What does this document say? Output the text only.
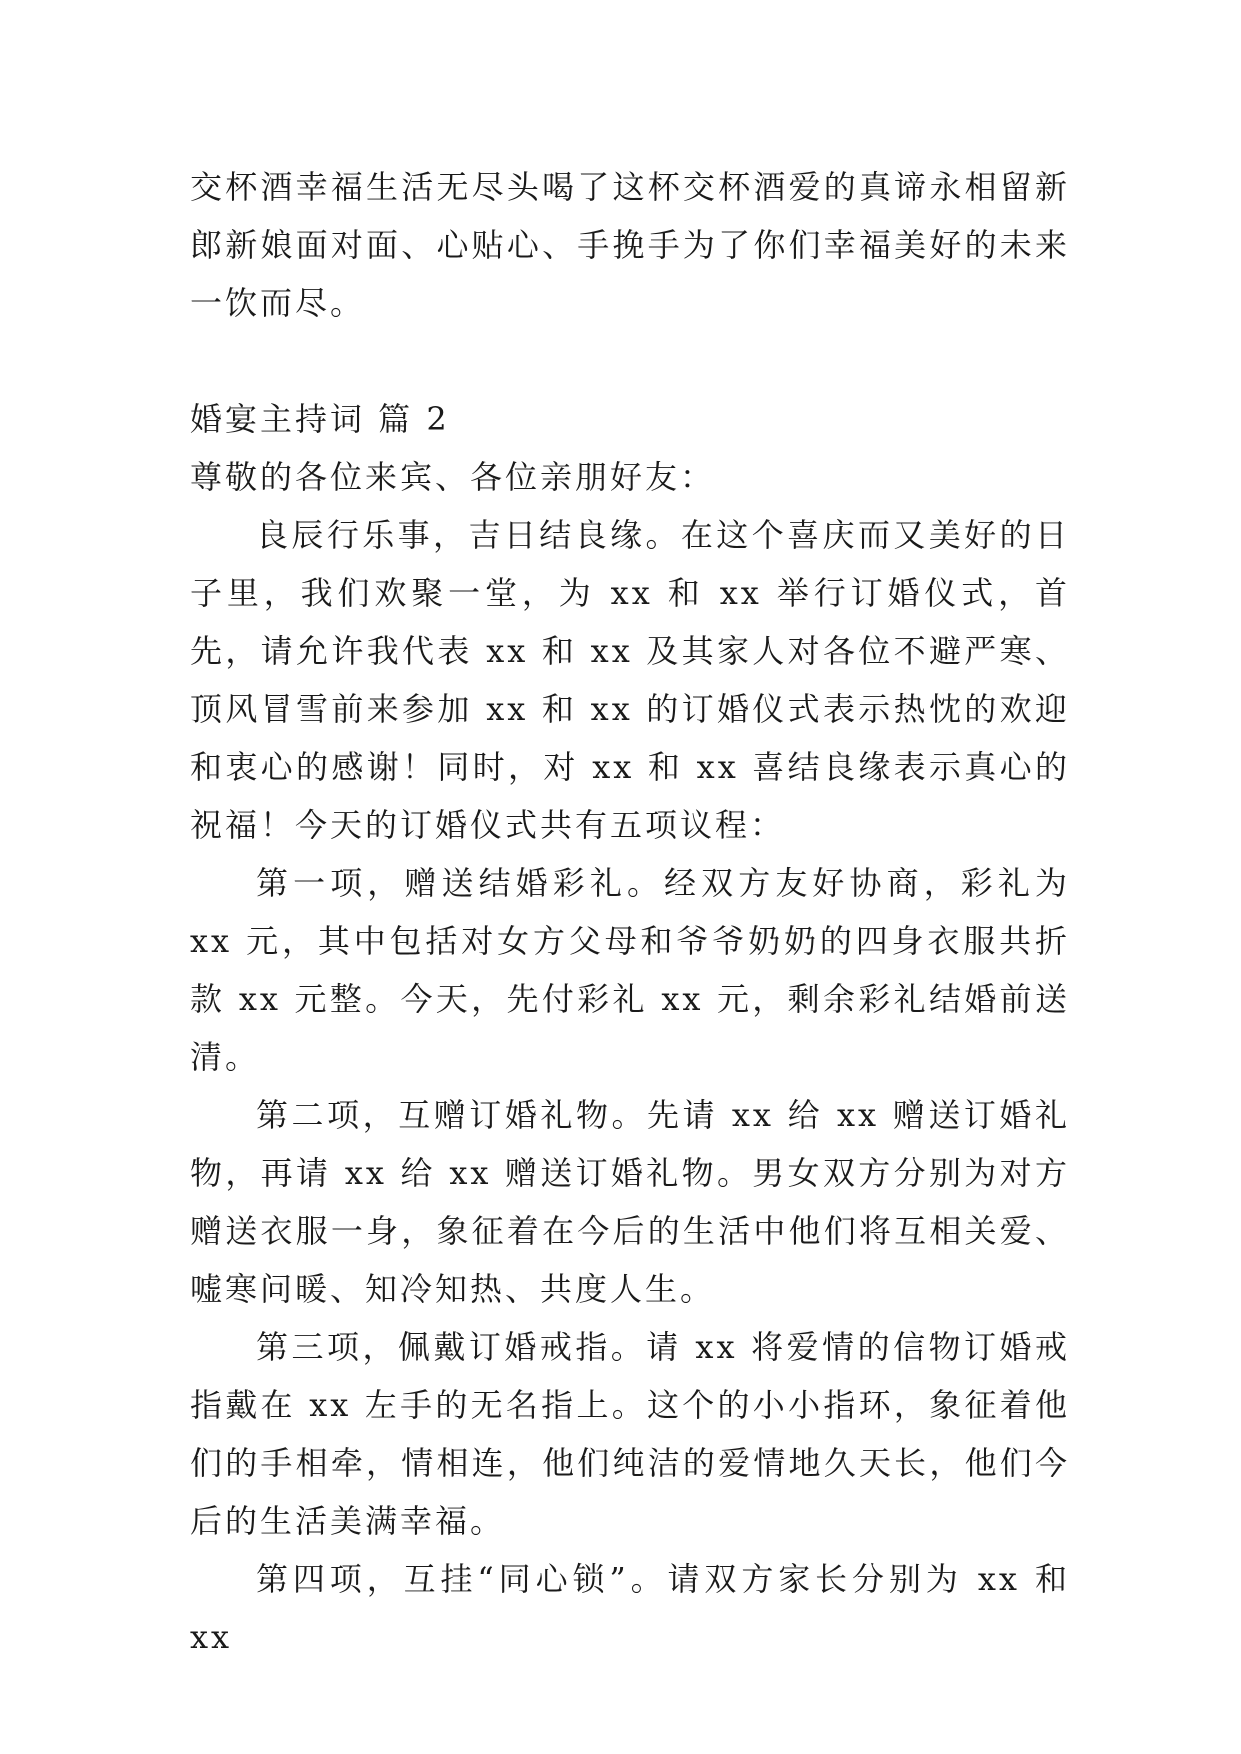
交杯酒幸福生活无尽头喝了这杯交杯酒爱的真谛永相留新郎新娘面对面、心贴心、手挽手为了你们幸福美好的未来一饮而尽。

婚宴主持词 篇 2

尊敬的各位来宾、各位亲朋好友：

良辰行乐事，吉日结良缘。在这个喜庆而又美好的日子里，我们欢聚一堂，为 xx 和 xx 举行订婚仪式，首先，请允许我代表 xx 和 xx 及其家人对各位不避严寒、顶风冒雪前来参加 xx 和 xx 的订婚仪式表示热忱的欢迎和衷心的感谢！同时，对 xx 和 xx 喜结良缘表示真心的祝福！今天的订婚仪式共有五项议程：

第一项，赠送结婚彩礼。经双方友好协商，彩礼为 xx 元，其中包括对女方父母和爷爷奶奶的四身衣服共折款 xx 元整。今天，先付彩礼 xx 元，剩余彩礼结婚前送清。

第二项，互赠订婚礼物。先请 xx 给 xx 赠送订婚礼物，再请 xx 给 xx 赠送订婚礼物。男女双方分别为对方赠送衣服一身，象征着在今后的生活中他们将互相关爱、嘘寒问暖、知冷知热、共度人生。

第三项，佩戴订婚戒指。请 xx 将爱情的信物订婚戒指戴在 xx 左手的无名指上。这个的小小指环，象征着他们的手相牵，情相连，他们纯洁的爱情地久天长，他们今后的生活美满幸福。

第四项，互挂“同心锁”。请双方家长分别为 xx 和 xx
